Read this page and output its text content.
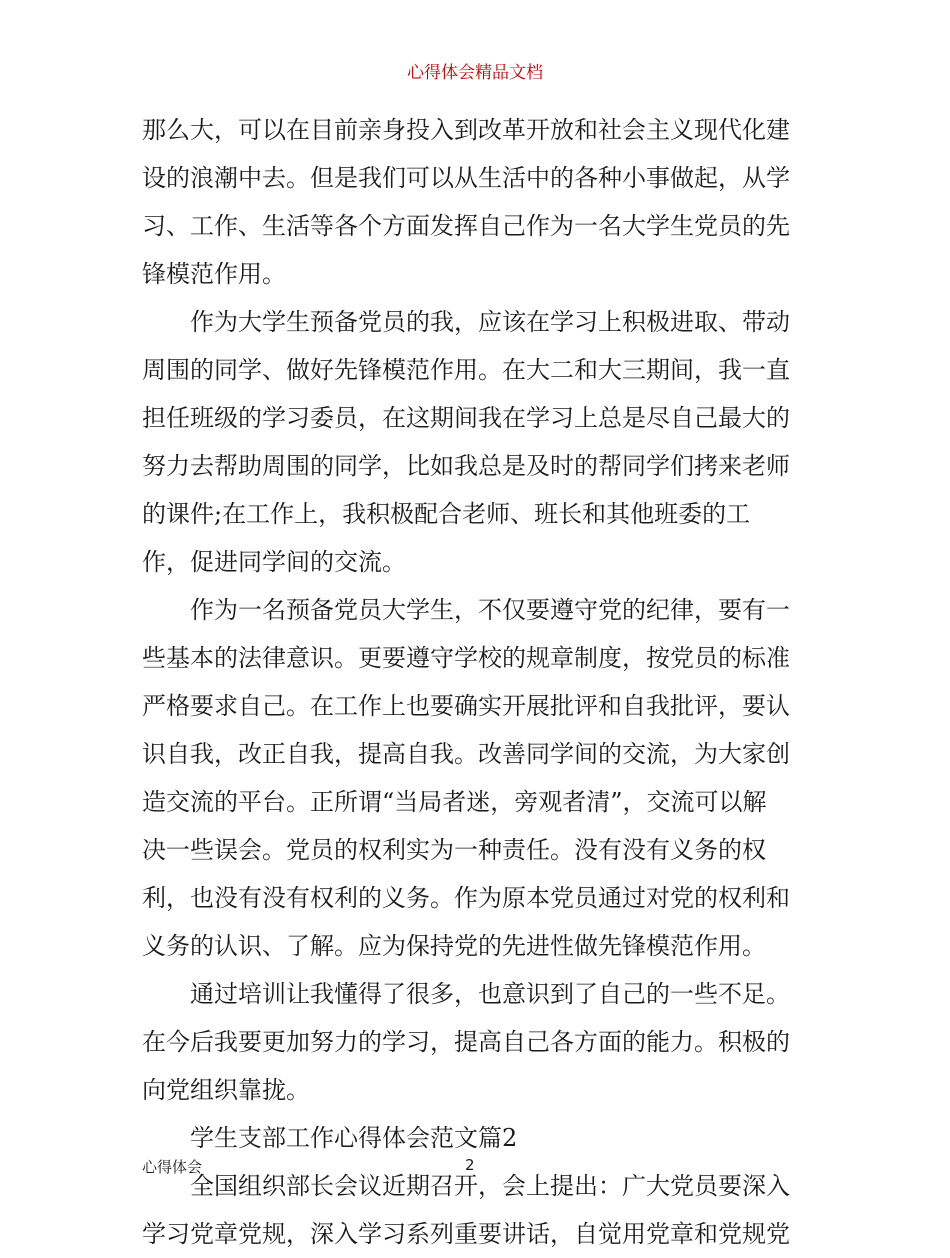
心得体会精品文档
那么大，可以在目前亲身投入到改革开放和社会主义现代化建
设的浪潮中去。但是我们可以从生活中的各种小事做起，从学
习、工作、生活等各个方面发挥自己作为一名大学生党员的先
锋模范作用。
作为大学生预备党员的我，应该在学习上积极进取、带动
周围的同学、做好先锋模范作用。在大二和大三期间，我一直
担任班级的学习委员，在这期间我在学习上总是尽自己最大的
努力去帮助周围的同学，比如我总是及时的帮同学们拷来老师
的课件;在工作上，我积极配合老师、班长和其他班委的工
作，促进同学间的交流。
作为一名预备党员大学生，不仅要遵守党的纪律，要有一
些基本的法律意识。更要遵守学校的规章制度，按党员的标准
严格要求自己。在工作上也要确实开展批评和自我批评，要认
识自我，改正自我，提高自我。改善同学间的交流，为大家创
造交流的平台。正所谓“当局者迷，旁观者清”，交流可以解
决一些误会。党员的权利实为一种责任。没有没有义务的权
利，也没有没有权利的义务。作为原本党员通过对党的权利和
义务的认识、了解。应为保持党的先进性做先锋模范作用。
通过培训让我懂得了很多，也意识到了自己的一些不足。
在今后我要更加努力的学习，提高自己各方面的能力。积极的
向党组织靠拢。
学生支部工作心得体会范文篇2
全国组织部长会议近期召开，会上提出：广大党员要深入
学习党章党规，深入学习系列重要讲话，自觉用党章和党规党
心得体会	2
